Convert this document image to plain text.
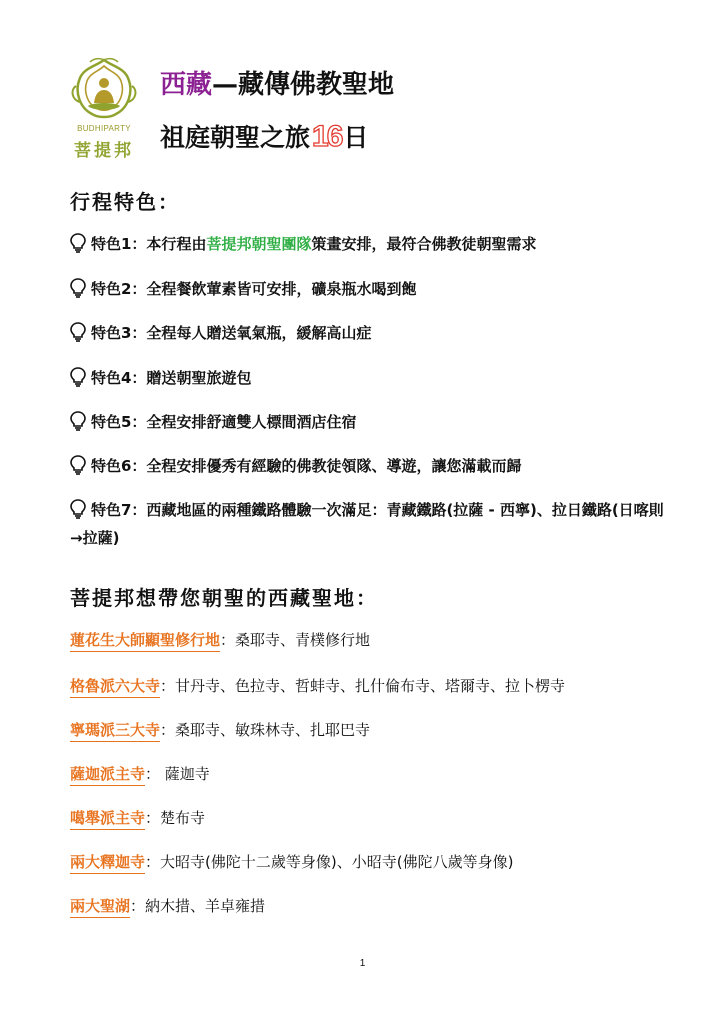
BUDHIPARTY
菩提邦
西藏—藏傳佛教聖地
祖庭朝聖之旅16日
行程特色：
特色1：本行程由菩提邦朝聖團隊策畫安排，最符合佛教徒朝聖需求
特色2：全程餐飲葷素皆可安排，礦泉瓶水喝到飽
特色3：全程每人贈送氧氣瓶，緩解高山症
特色4：贈送朝聖旅遊包
特色5：全程安排舒適雙人標間酒店住宿
特色6：全程安排優秀有經驗的佛教徒領隊、導遊，讓您滿載而歸
特色7：西藏地區的兩種鐵路體驗一次滿足：青藏鐵路(拉薩 - 西寧)、拉日鐵路(日喀則→拉薩)
菩提邦想帶您朝聖的西藏聖地：
蓮花生大師顯聖修行地：桑耶寺、青樸修行地
格魯派六大寺：甘丹寺、色拉寺、哲蚌寺、扎什倫布寺、塔爾寺、拉卜楞寺
寧瑪派三大寺：桑耶寺、敏珠林寺、扎耶巴寺
薩迦派主寺： 薩迦寺
噶舉派主寺：楚布寺
兩大釋迦寺：大昭寺(佛陀十二歲等身像)、小昭寺(佛陀八歲等身像)
兩大聖湖：納木措、羊卓雍措
1
